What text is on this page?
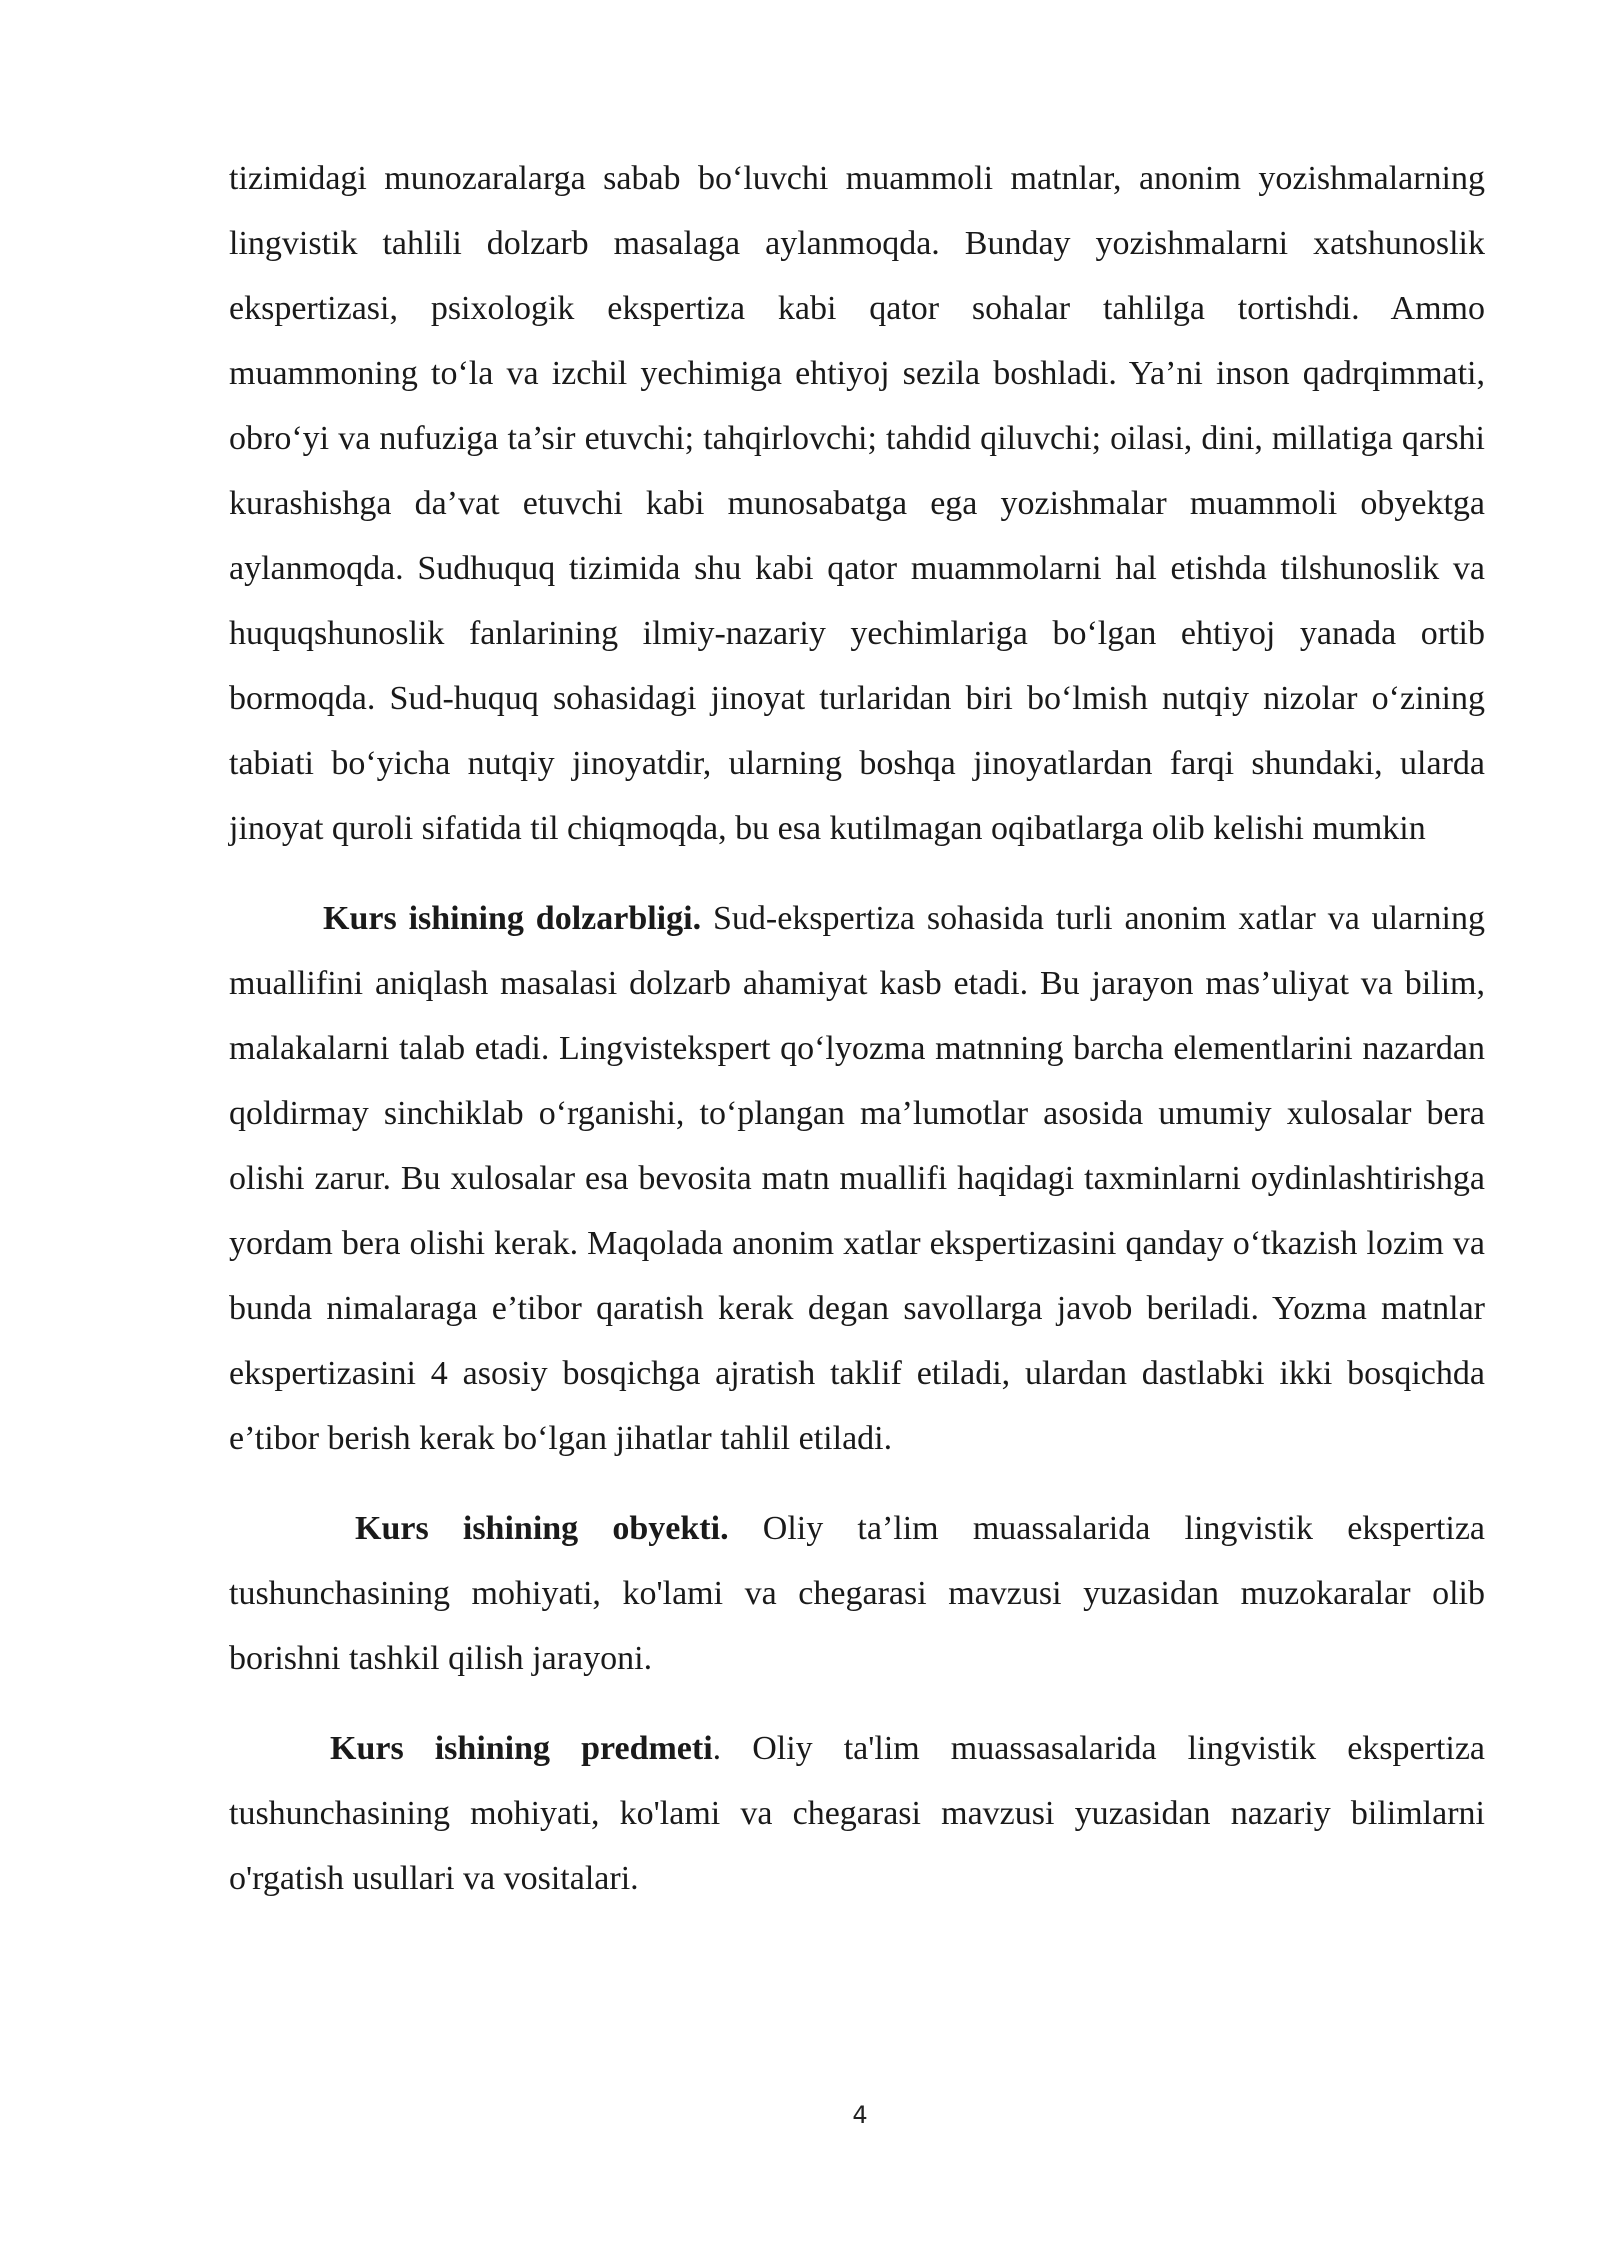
tizimidagi munozaralarga sabab bo‘luvchi muammoli matnlar, anonim yozishmalarning lingvistik tahlili dolzarb masalaga aylanmoqda. Bunday yozishmalarni xatshunoslik ekspertizasi, psixologik ekspertiza kabi qator sohalar tahlilga tortishdi. Ammo muammoning to‘la va izchil yechimiga ehtiyoj sezila boshladi. Ya’ni inson qadrqimmati, obro‘yi va nufuziga ta’sir etuvchi; tahqirlovchi; tahdid qiluvchi; oilasi, dini, millatiga qarshi kurashishga da’vat etuvchi kabi munosabatga ega yozishmalar muammoli obyektga aylanmoqda. Sudhuquq tizimida shu kabi qator muammolarni hal etishda tilshunoslik va huquqshunoslik fanlarining ilmiy-nazariy yechimlariga bo‘lgan ehtiyoj yanada ortib bormoqda. Sud-huquq sohasidagi jinoyat turlaridan biri bo‘lmish nutqiy nizolar o‘zining tabiati bo‘yicha nutqiy jinoyatdir, ularning boshqa jinoyatlardan farqi shundaki, ularda jinoyat quroli sifatida til chiqmoqda, bu esa kutilmagan oqibatlarga olib kelishi mumkin

Kurs ishining dolzarbligi. Sud-ekspertiza sohasida turli anonim xatlar va ularning muallifini aniqlash masalasi dolzarb ahamiyat kasb etadi. Bu jarayon mas’uliyat va bilim, malakalarni talab etadi. Lingvistekspert qo‘lyozma matnning barcha elementlarini nazardan qoldirmay sinchiklab o‘rganishi, to‘plangan ma’lumotlar asosida umumiy xulosalar bera olishi zarur. Bu xulosalar esa bevosita matn muallifi haqidagi taxminlarni oydinlashtirishga yordam bera olishi kerak. Maqolada anonim xatlar ekspertizasini qanday o‘tkazish lozim va bunda nimalaraga e’tibor qaratish kerak degan savollarga javob beriladi. Yozma matnlar ekspertizasini 4 asosiy bosqichga ajratish taklif etiladi, ulardan dastlabki ikki bosqichda e’tibor berish kerak bo‘lgan jihatlar tahlil etiladi.

Kurs ishining obyekti. Oliy ta’lim muassalarida lingvistik ekspertiza tushunchasining mohiyati, ko'lami va chegarasi mavzusi yuzasidan muzokaralar olib borishni tashkil qilish jarayoni.

Kurs ishining predmeti. Oliy ta'lim muassasalarida lingvistik ekspertiza tushunchasining mohiyati, ko'lami va chegarasi mavzusi yuzasidan nazariy bilimlarni o'rgatish usullari va vositalari.

4
